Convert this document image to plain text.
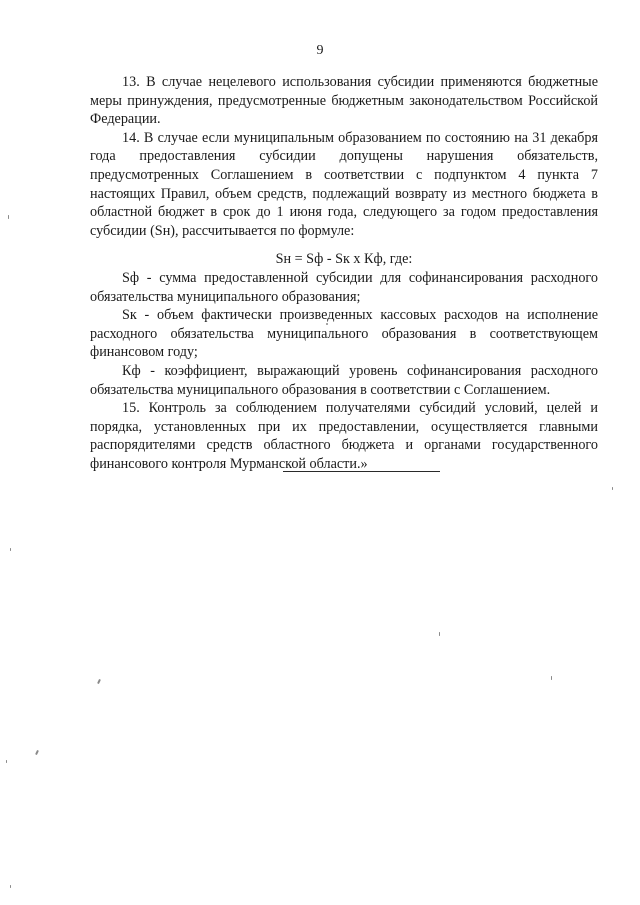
9

13. В случае нецелевого использования субсидии применяются бюджетные меры принуждения, предусмотренные бюджетным законодательством Российской Федерации.

14. В случае если муниципальным образованием по состоянию на 31 декабря года предоставления субсидии допущены нарушения обязательств, предусмотренных Соглашением в соответствии с подпунктом 4 пункта 7 настоящих Правил, объем средств, подлежащий возврату из местного бюджета в областной бюджет в срок до 1 июня года, следующего за годом предоставления субсидии (Sн), рассчитывается по формуле:

Sн = Sф - Sк х Кф, где:

Sф - сумма предоставленной субсидии для софинансирования расходного обязательства муниципального образования;

Sк - объем фактически произведенных кассовых расходов на исполнение расходного обязательства муниципального образования в соответствующем финансовом году;

Кф - коэффициент, выражающий уровень софинансирования расходного обязательства муниципального образования в соответствии с Соглашением.

15. Контроль за соблюдением получателями субсидий условий, целей и порядка, установленных при их предоставлении, осуществляется главными распорядителями средств областного бюджета и органами государственного финансового контроля Мурманской области.»
